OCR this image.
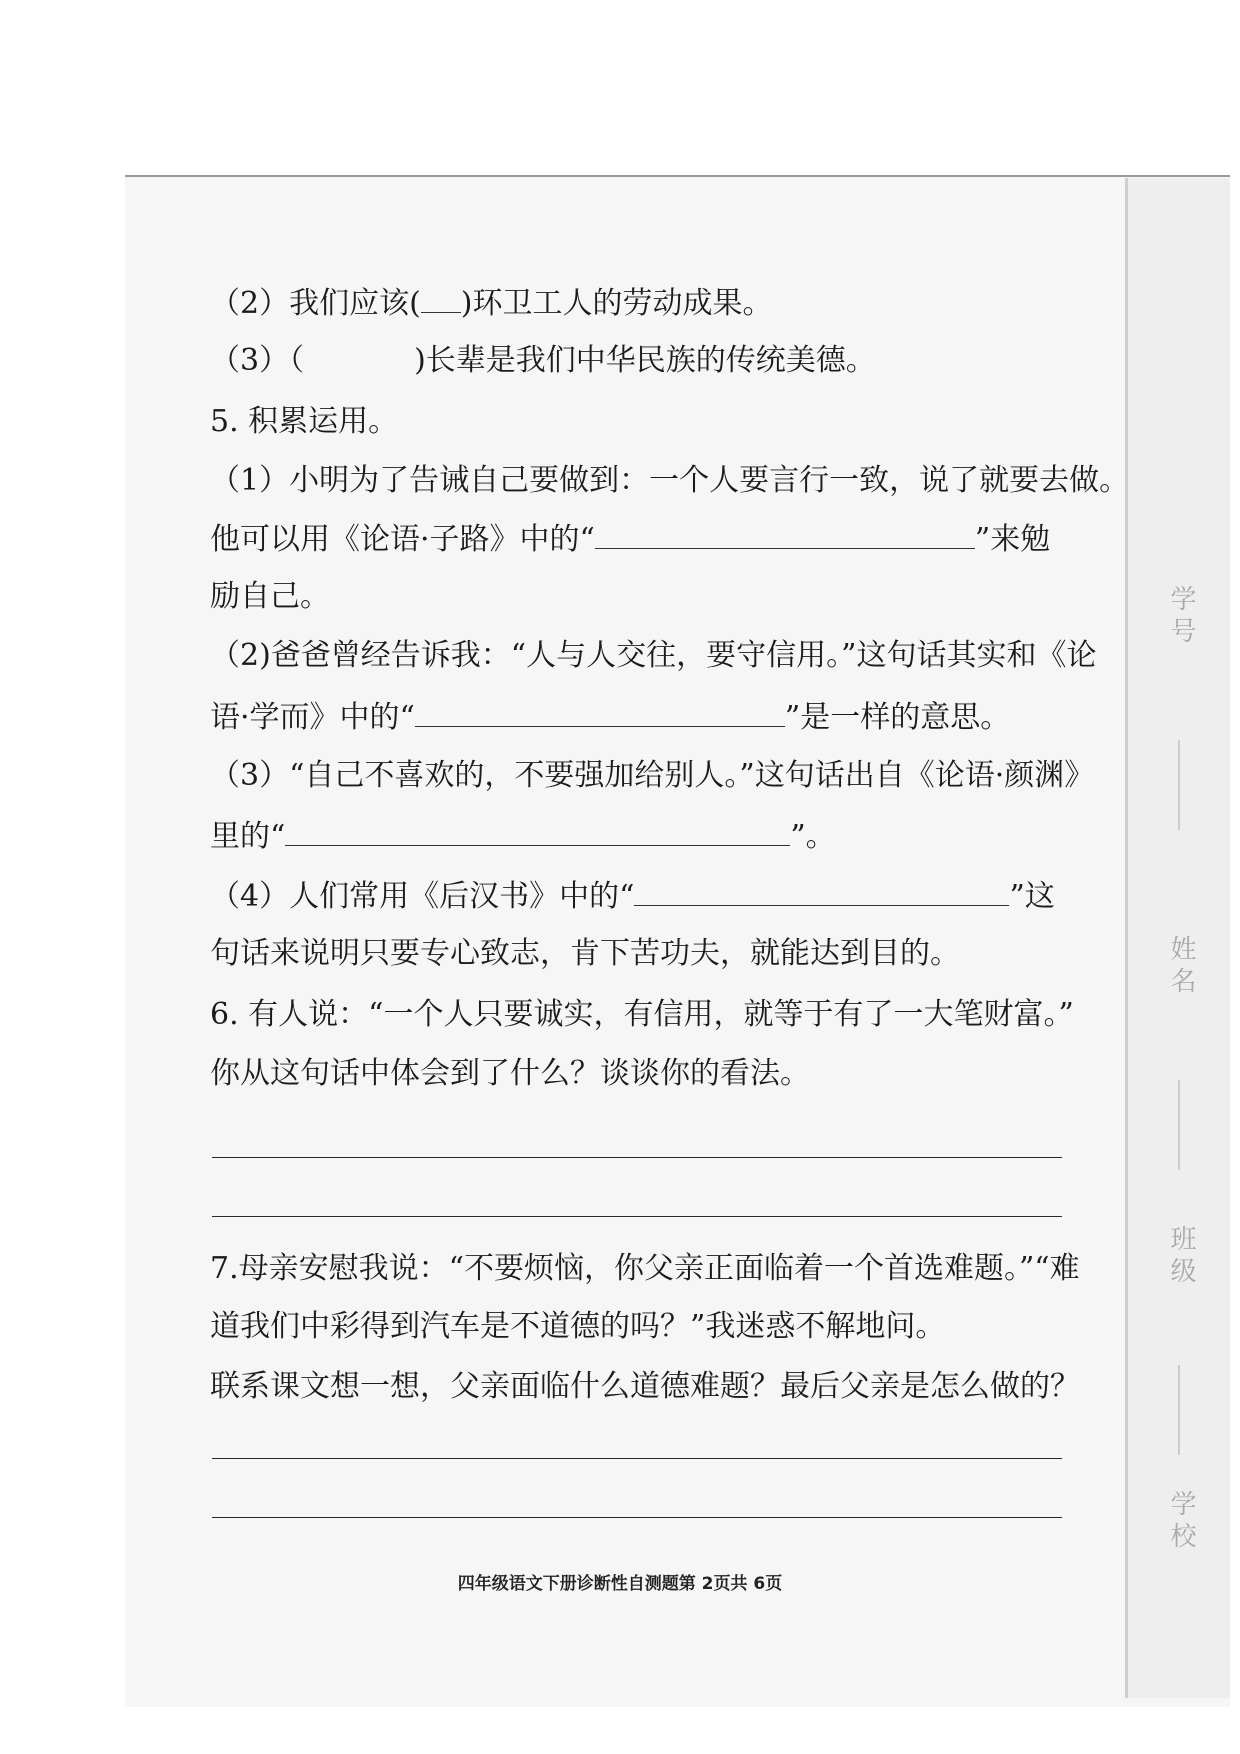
学号
姓名
班级
学校
（2）我们应该( )环卫工人的劳动成果。
（3）（	)长辈是我们中华民族的传统美德。
5. 积累运用。
（1）小明为了告诫自己要做到：一个人要言行一致，说了就要去做。
他可以用《论语·子路》中的“	”来勉
励自己。
（2)爸爸曾经告诉我：“人与人交往，要守信用。”这句话其实和《论
语·学而》中的“	”是一样的意思。
（3）“自己不喜欢的，不要强加给别人。”这句话出自《论语·颜渊》
里的“	”。
（4）人们常用《后汉书》中的“	”这
句话来说明只要专心致志，肯下苦功夫，就能达到目的。
6. 有人说：“一个人只要诚实，有信用，就等于有了一大笔财富。”
你从这句话中体会到了什么？谈谈你的看法。
7.母亲安慰我说：“不要烦恼，你父亲正面临着一个首选难题。”“难
道我们中彩得到汽车是不道德的吗？”我迷惑不解地问。
联系课文想一想，父亲面临什么道德难题？最后父亲是怎么做的？
四年级语文下册诊断性自测题第 2页共 6页
